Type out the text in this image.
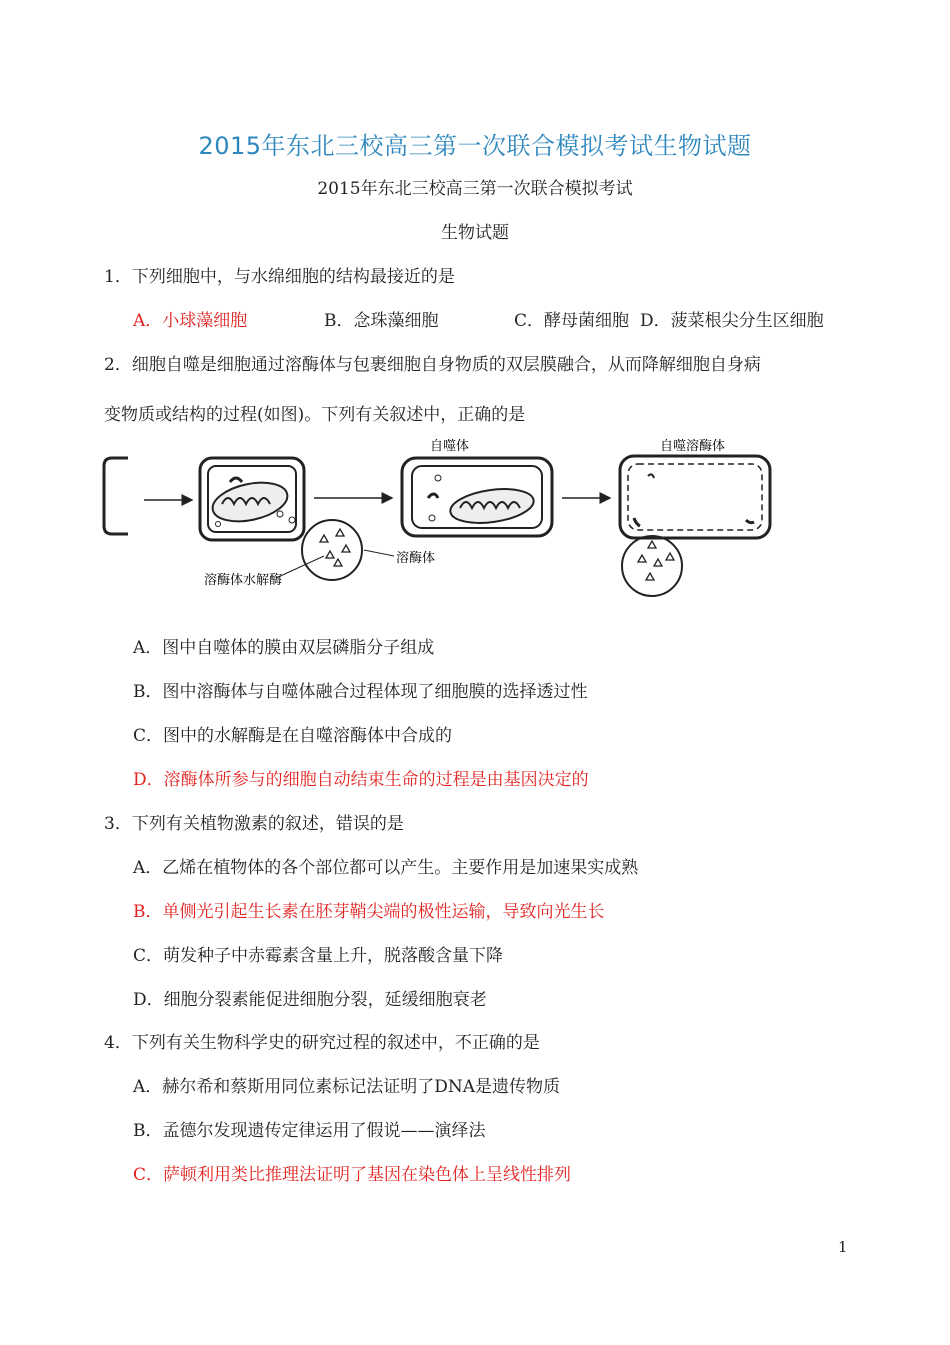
2015年东北三校高三第一次联合模拟考试生物试题
2015年东北三校高三第一次联合模拟考试
生物试题
1．下列细胞中，与水绵细胞的结构最接近的是
A．小球藻细胞	B．念珠藻细胞	C．酵母菌细胞 D．菠菜根尖分生区细胞
2．细胞自噬是细胞通过溶酶体与包裹细胞自身物质的双层膜融合，从而降解细胞自身病
变物质或结构的过程(如图)。下列有关叙述中，正确的是
自噬体	自噬溶酶体
溶酶体
溶酶体水解酶
A．图中自噬体的膜由双层磷脂分子组成
B．图中溶酶体与自噬体融合过程体现了细胞膜的选择透过性
C．图中的水解酶是在自噬溶酶体中合成的
D．溶酶体所参与的细胞自动结束生命的过程是由基因决定的
3．下列有关植物激素的叙述，错误的是
A．乙烯在植物体的各个部位都可以产生。主要作用是加速果实成熟
B．单侧光引起生长素在胚芽鞘尖端的极性运输，导致向光生长
C．萌发种子中赤霉素含量上升，脱落酸含量下降
D．细胞分裂素能促进细胞分裂，延缓细胞衰老
4．下列有关生物科学史的研究过程的叙述中，不正确的是
A．赫尔希和蔡斯用同位素标记法证明了DNA是遗传物质
B．孟德尔发现遗传定律运用了假说——演绎法
C．萨顿利用类比推理法证明了基因在染色体上呈线性排列
1
